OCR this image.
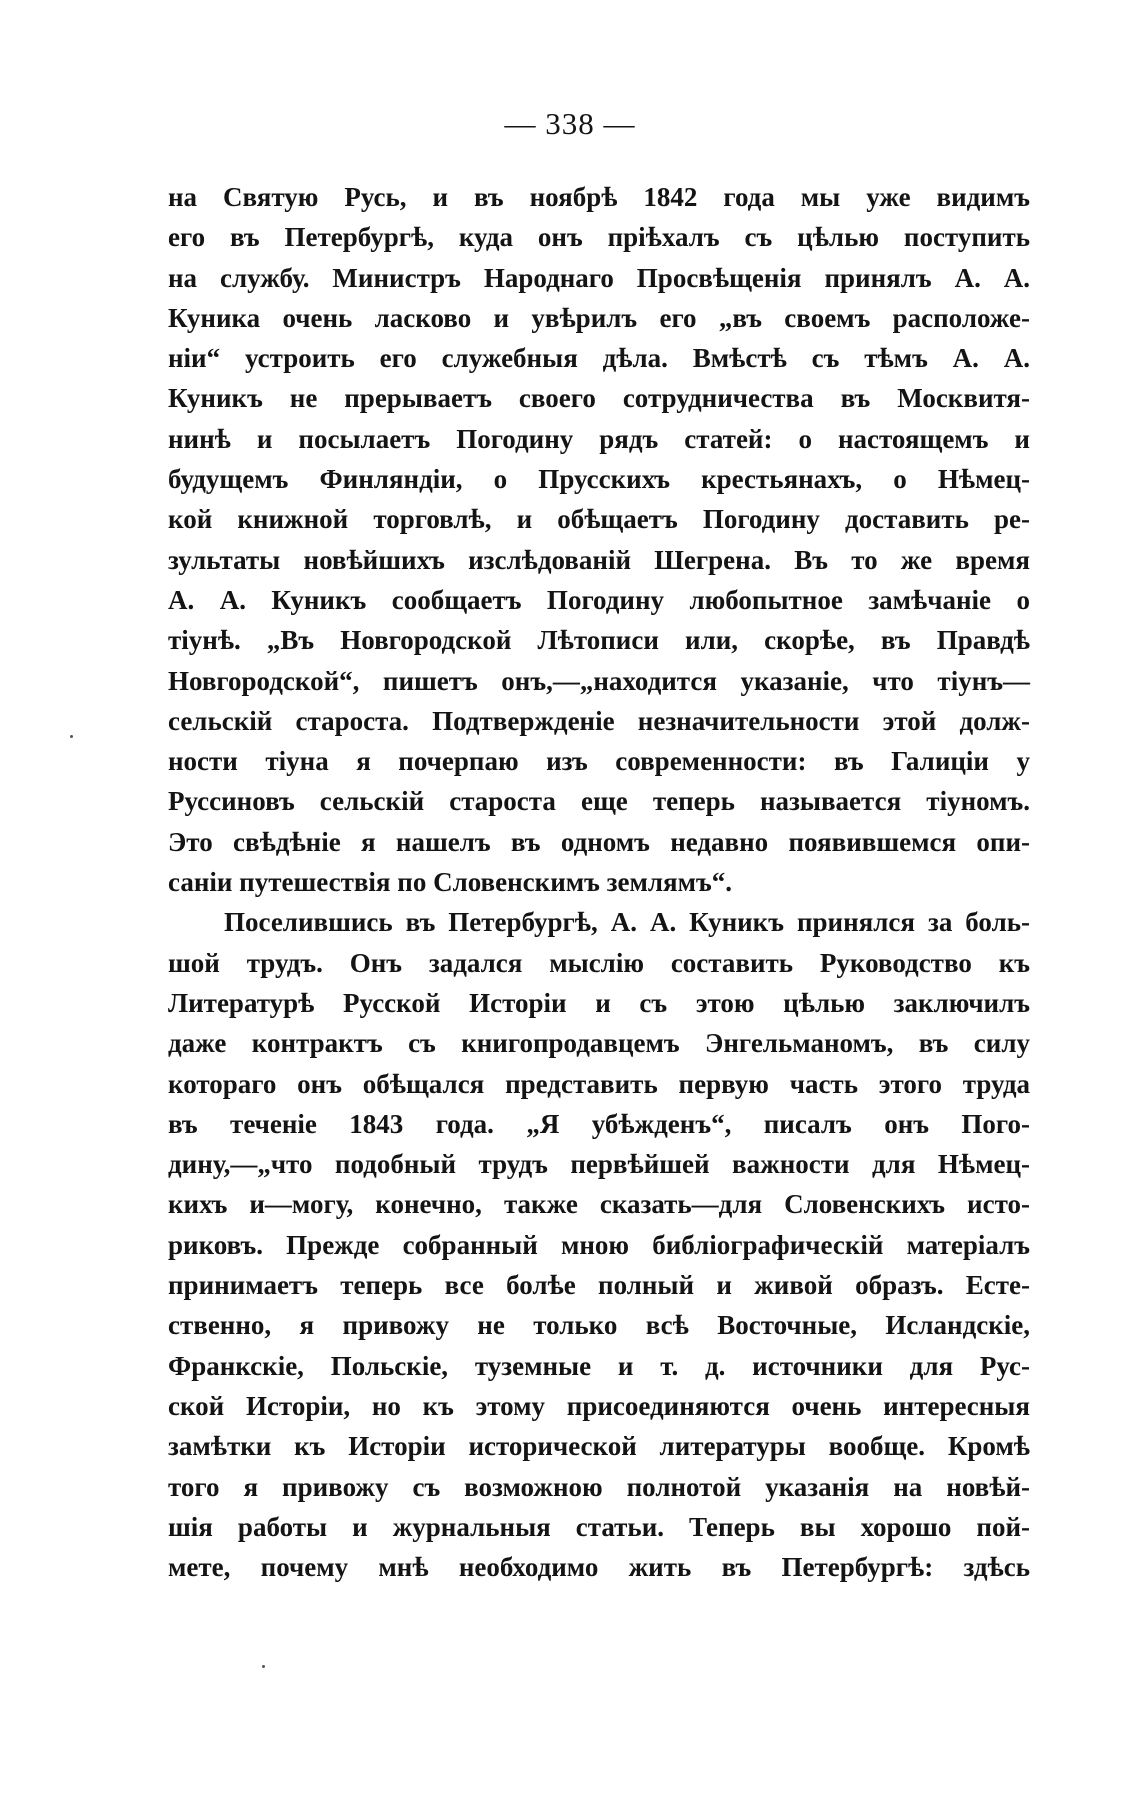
— 338 —
на Святую Русь, и въ ноябрѣ 1842 года мы уже видимъ
его въ Петербургѣ, куда онъ пріѣхалъ съ цѣлью поступить
на службу. Министръ Народнаго Просвѣщенія принялъ А. А.
Куника очень ласково и увѣрилъ его „въ своемъ расположе-
ніи“ устроить его служебныя дѣла. Вмѣстѣ съ тѣмъ А. А.
Куникъ не прерываетъ своего сотрудничества въ Москвитя-
нинѣ и посылаетъ Погодину рядъ статей: о настоящемъ и
будущемъ Финляндіи, о Прусскихъ крестьянахъ, о Нѣмец-
кой книжной торговлѣ, и обѣщаетъ Погодину доставить ре-
зультаты новѣйшихъ изслѣдованій Шегрена. Въ то же время
А. А. Куникъ сообщаетъ Погодину любопытное замѣчаніе о
тіунѣ. „Въ Новгородской Лѣтописи или, скорѣе, въ Правдѣ
Новгородской“, пишетъ онъ,—„находится указаніе, что тіунъ—
сельскій староста. Подтвержденіе незначительности этой долж-
ности тіуна я почерпаю изъ современности: въ Галиціи у
Руссиновъ сельскій староста еще теперь называется тіуномъ.
Это свѣдѣніе я нашелъ въ одномъ недавно появившемся опи-
саніи путешествія по Словенскимъ землямъ“.
Поселившись въ Петербургѣ, А. А. Куникъ принялся за боль-
шой трудъ. Онъ задался мыслію составить Руководство къ
Литературѣ Русской Исторіи и съ этою цѣлью заключилъ
даже контрактъ съ книгопродавцемъ Энгельманомъ, въ силу
котораго онъ обѣщался представить первую часть этого труда
въ теченіе 1843 года. „Я убѣжденъ“, писалъ онъ Пого-
дину,—„что подобный трудъ первѣйшей важности для Нѣмец-
кихъ и—могу, конечно, также сказать—для Словенскихъ исто-
риковъ. Прежде собранный мною библіографическій матеріалъ
принимаетъ теперь все болѣе полный и живой образъ. Есте-
ственно, я привожу не только всѣ Восточные, Исландскіе,
Франкскіе, Польскіе, туземные и т. д. источники для Рус-
ской Исторіи, но къ этому присоединяются очень интересныя
замѣтки къ Исторіи исторической литературы вообще. Кромѣ
того я привожу съ возможною полнотой указанія на новѣй-
шія работы и журнальныя статьи. Теперь вы хорошо пой-
мете, почему мнѣ необходимо жить въ Петербургѣ: здѣсь
